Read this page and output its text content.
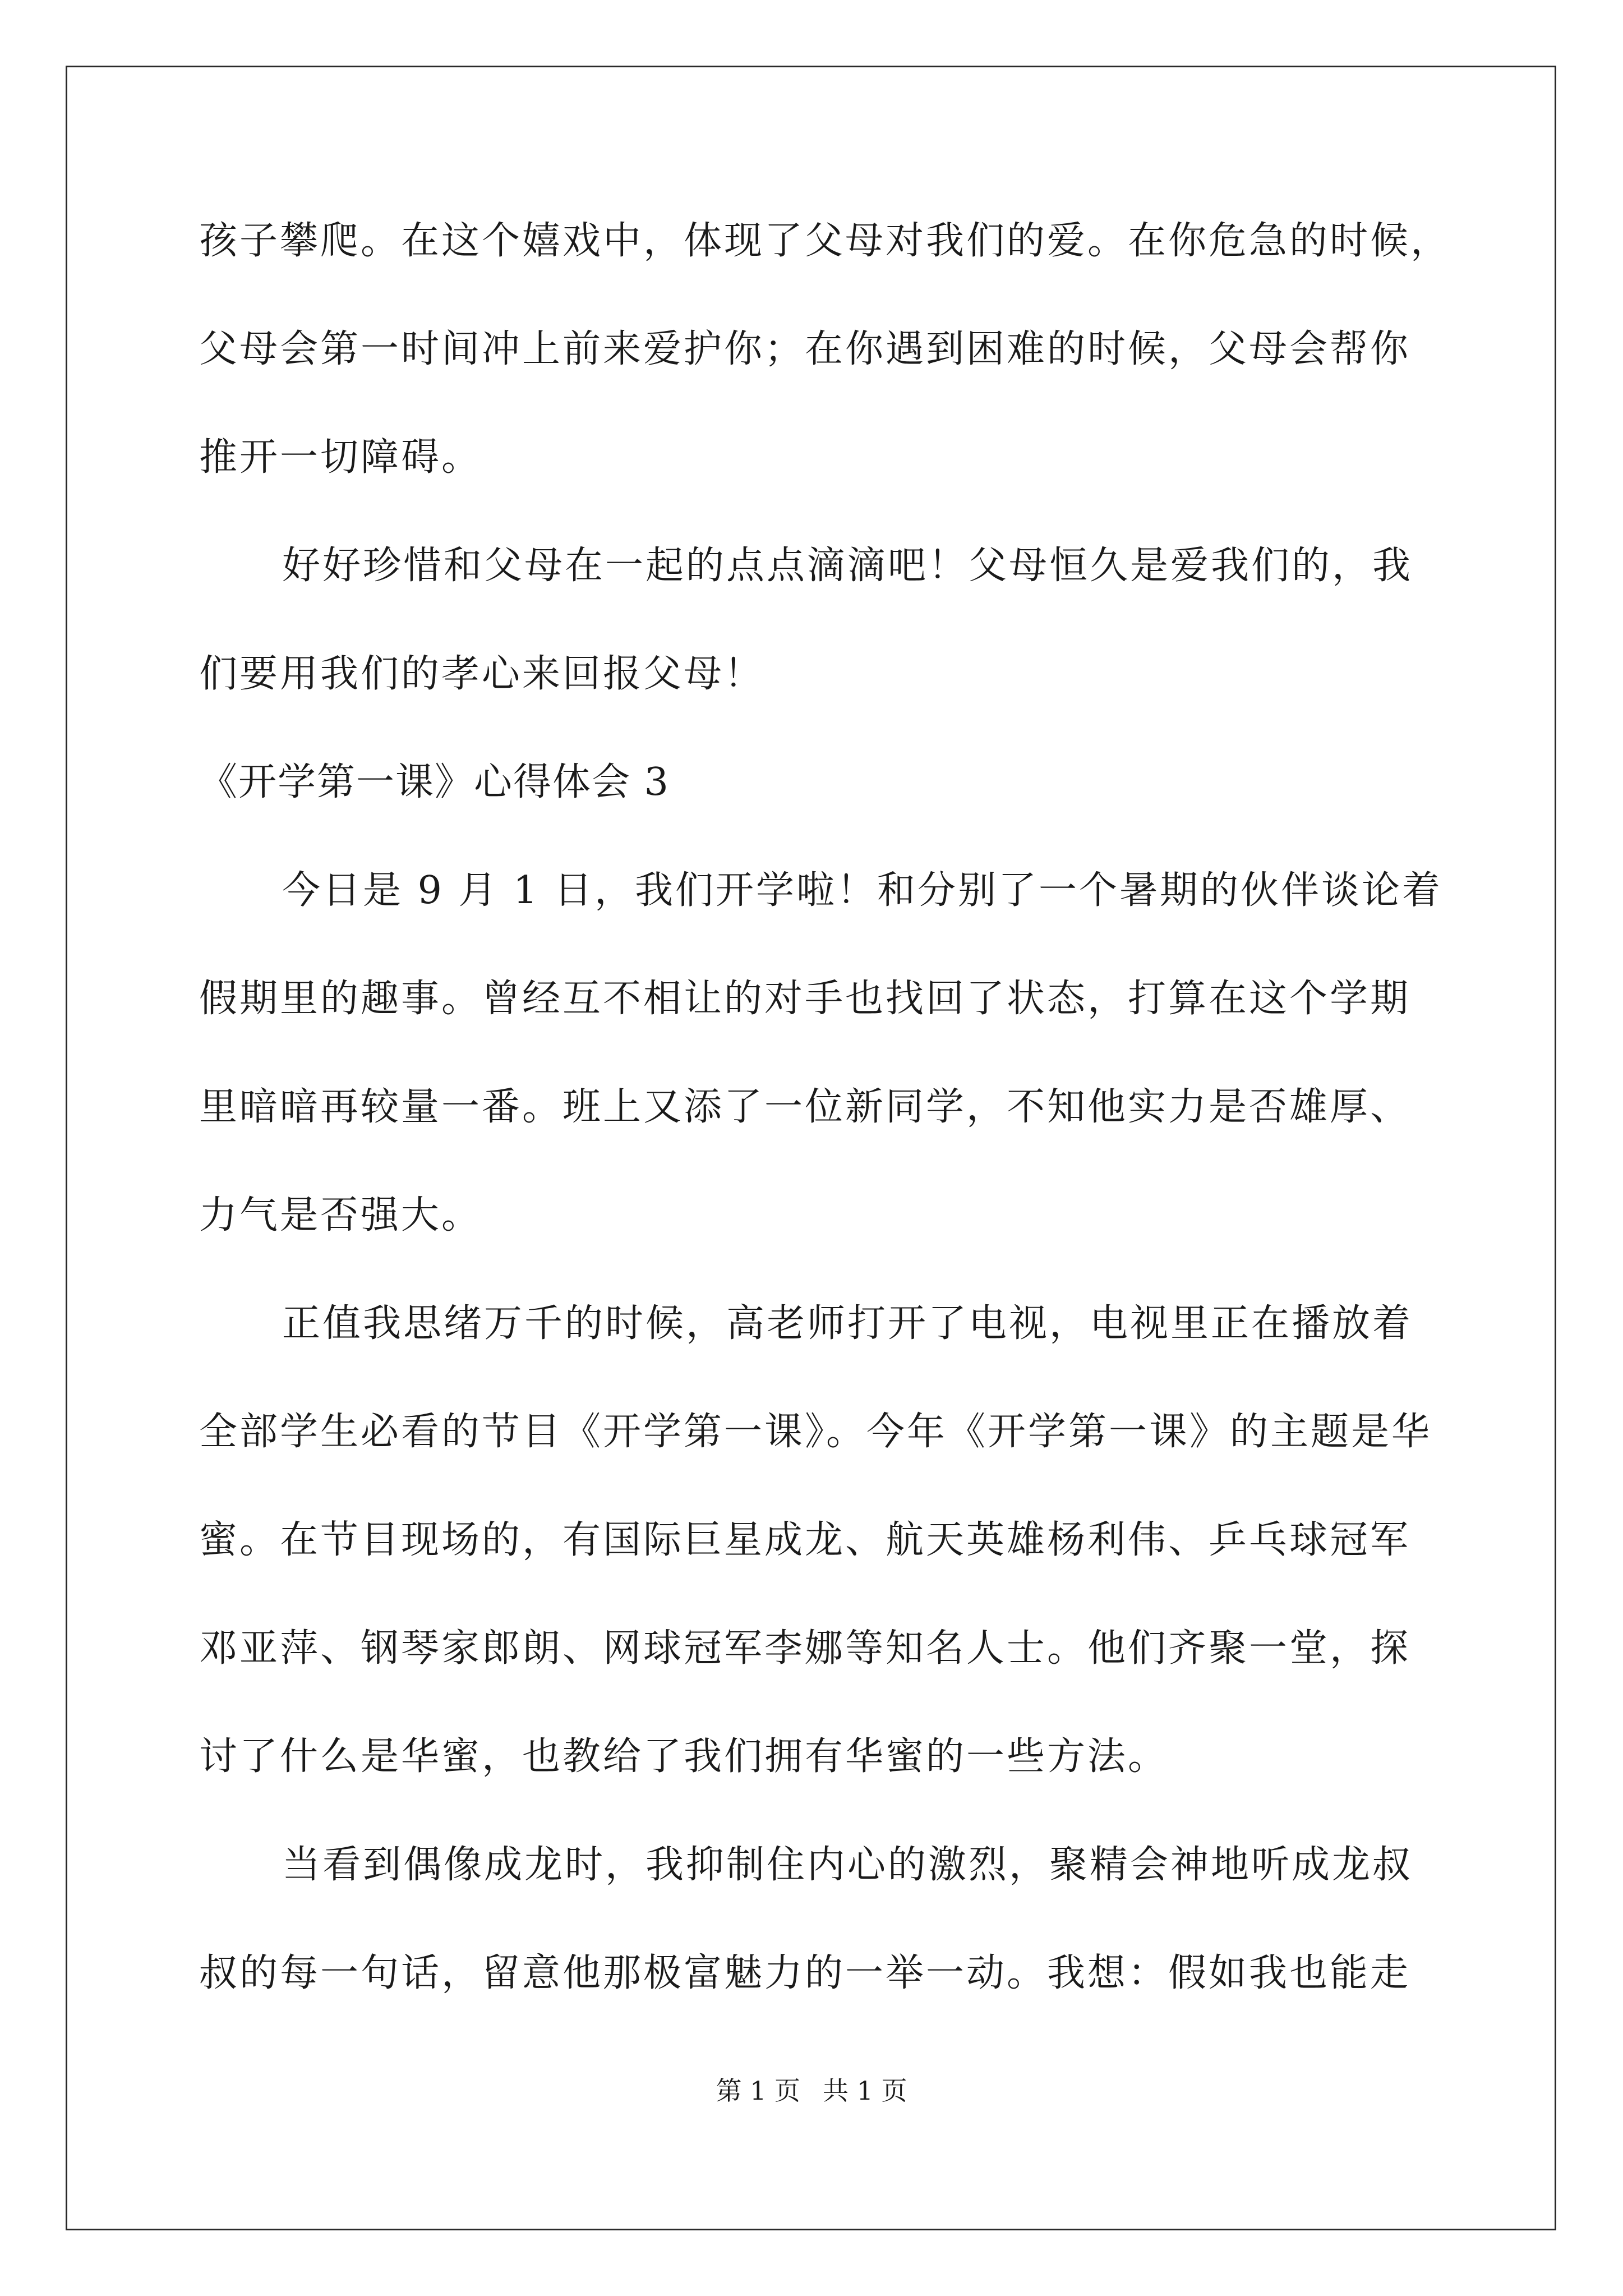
孩子攀爬。在这个嬉戏中，体现了父母对我们的爱。在你危急的时候，
父母会第一时间冲上前来爱护你；在你遇到困难的时候，父母会帮你
推开一切障碍。
好好珍惜和父母在一起的点点滴滴吧！父母恒久是爱我们的，我
们要用我们的孝心来回报父母！
《开学第一课》心得体会 3
今日是 9 月 1 日，我们开学啦！和分别了一个暑期的伙伴谈论着
假期里的趣事。曾经互不相让的对手也找回了状态，打算在这个学期
里暗暗再较量一番。班上又添了一位新同学，不知他实力是否雄厚、
力气是否强大。
正值我思绪万千的时候，高老师打开了电视，电视里正在播放着
全部学生必看的节目《开学第一课》。今年《开学第一课》的主题是华
蜜。在节目现场的，有国际巨星成龙、航天英雄杨利伟、乒乓球冠军
邓亚萍、钢琴家郎朗、网球冠军李娜等知名人士。他们齐聚一堂，探
讨了什么是华蜜，也教给了我们拥有华蜜的一些方法。
当看到偶像成龙时，我抑制住内心的激烈，聚精会神地听成龙叔
叔的每一句话，留意他那极富魅力的一举一动。我想：假如我也能走
第 1 页 共 1 页
